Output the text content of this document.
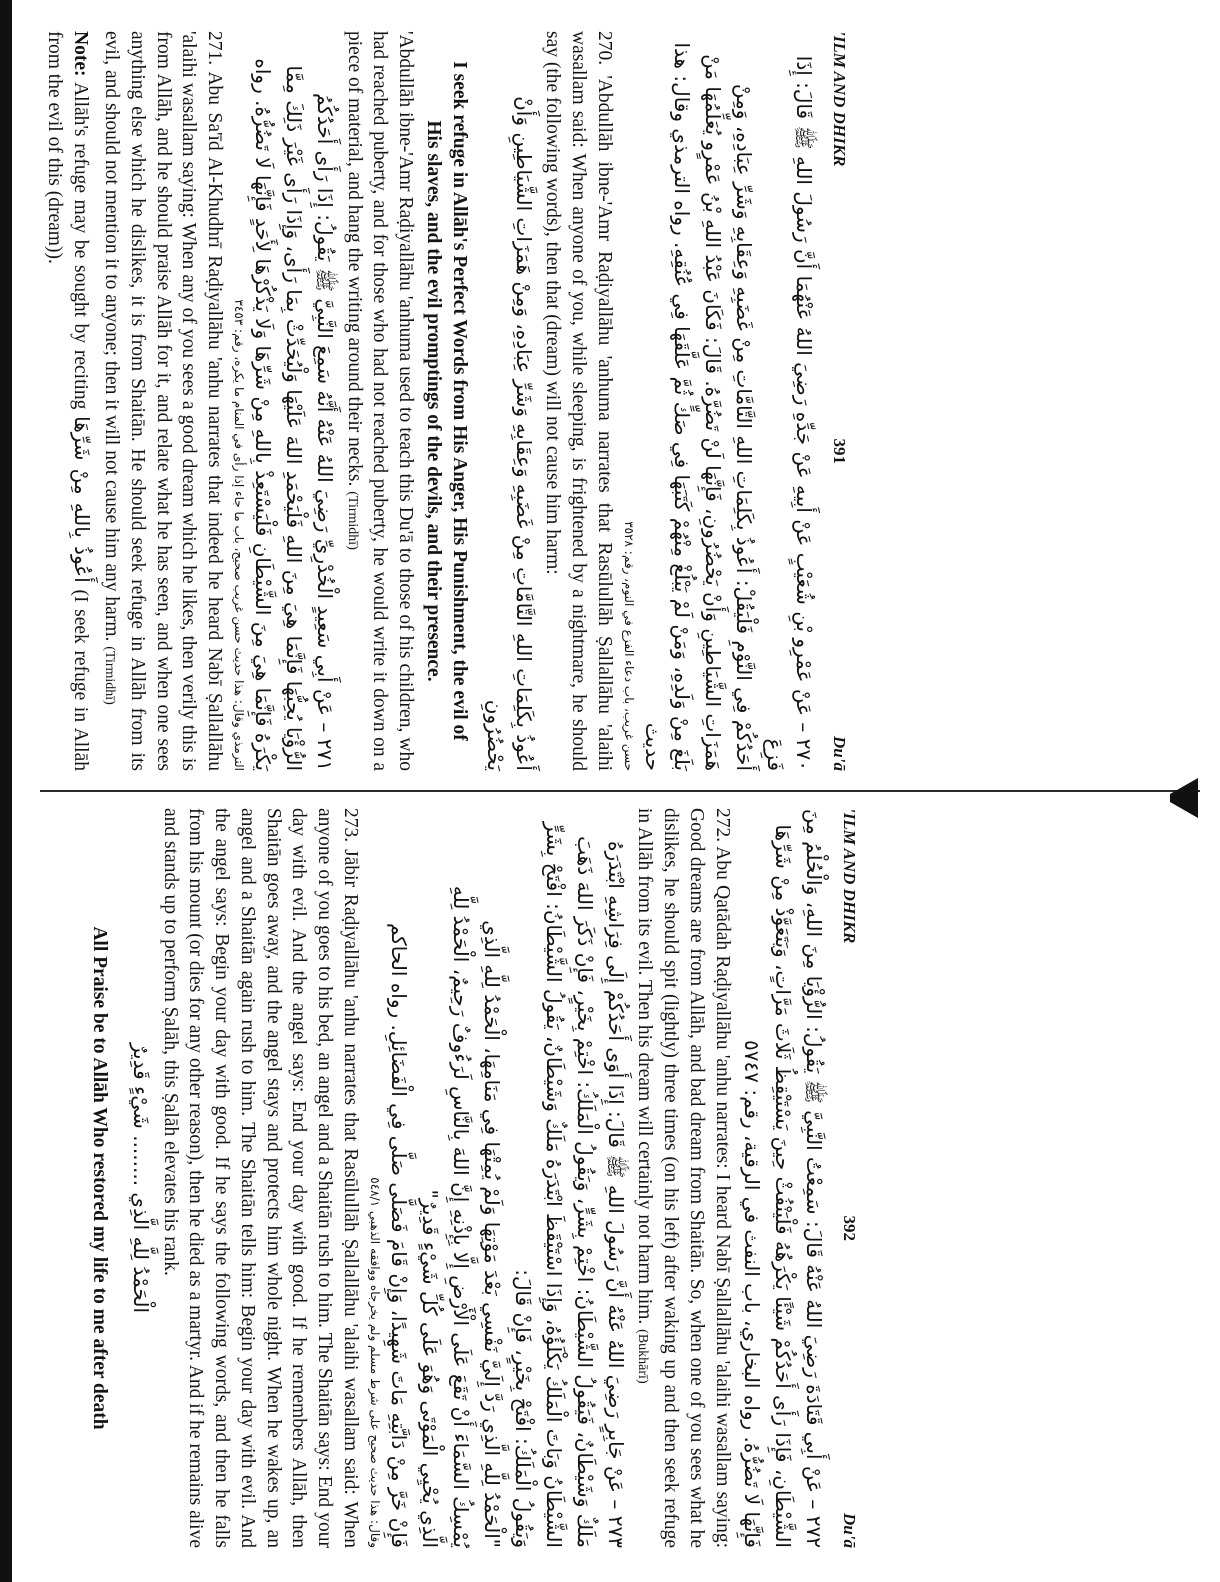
'ILM AND DHIKR
391
Du'ā

٢٧٠ – عَنْ عَمْرِو بْنِ شُعَيْبٍ عَنْ أَبِيهِ عَنْ جَدِّهِ رَضِيَ اللهُ عَنْهُمَا أَنَّ رَسُولَ اللهِ ﷺ قَالَ: إِذَا فَزِعَ

أَحَدُكُمْ فِي النَّوْمِ فَلْيَقُلْ: أَعُوذُ بِكَلِمَاتِ اللهِ التَّامَّاتِ مِنْ غَضَبِهِ وَعِقَابِهِ وَشَرِّ عِبَادِهِ، وَمِنْ

هَمَزَاتِ الشَّيَاطِينِ وَأَنْ يَحْضُرُونِ، فَإِنَّهَا لَنْ تَضُرَّهُ. قَالَ: فَكَانَ عَبْدُ اللهِ بْنُ عَمْرٍو يُعَلِّمُهَا مَنْ

بَلَغَ مِنْ وَلَدِهِ، وَمَنْ لَمْ يَبْلُغْ مِنْهُمْ كَتَبَهَا فِي صَكٍّ ثُمَّ عَلَّقَهَا فِي عُنُقِهِ. رواه الترمذي وقال: هذا حديث

حسن غريب، باب دعاء الفزع في النوم، رقم: ٣٥٢٨

270. 'Abdullāh ibne-'Amr Raḍiyallāhu 'anhuma narrates that Rasūlullāh Ṣallallāhu 'alaihi wasallam said: When anyone of you, while sleeping, is frightened by a nightmare, he should say (the following words), then that (dream) will not cause him harm:

أَعُوذُ بِكَلِمَاتِ اللهِ التَّامَّاتِ مِنْ غَضَبِهِ وَعِقَابِهِ وَشَرِّ عِبَادِهِ، وَمِنْ هَمَزَاتِ الشَّيَاطِينِ وَأَنْ يَحْضُرُونِ

I seek refuge in Allāh's Perfect Words from His Anger, His Punishment, the evil of His slaves, and the evil promptings of the devils, and their presence.

'Abdullāh ibne-'Amr Raḍiyallāhu 'anhuma used to teach this Du'ā to those of his children, who had reached puberty, and for those who had not reached puberty, he would write it down on a piece of material, and hang the writing around their necks. (Tirmidhī)

٢٧١ – عَنْ أَبِي سَعِيدٍ الْخُدْرِيِّ رَضِيَ اللهُ عَنْهُ أَنَّهُ سَمِعَ النَّبِيَّ ﷺ يَقُولُ: إِذَا رَأَى أَحَدُكُمُ

الرُّؤْيَا يُحِبُّهَا فَإِنَّمَا هِيَ مِنَ اللهِ فَلْيَحْمَدِ اللهَ عَلَيْهَا وَلْيُحَدِّثْ بِمَا رَأَى، وَإِذَا رَأَى غَيْرَ ذَلِكَ مِمَّا

يَكْرَهُ فَإِنَّمَا هِيَ مِنَ الشَّيْطَانِ فَلْيَسْتَعِذْ بِاللهِ مِنْ شَرِّهَا وَلَا يَذْكُرْهَا لِأَحَدٍ فَإِنَّهَا لَا تَضُرُّهُ. رواه

الترمذي وقال: هذا حديث حسن غريب صحيح، باب ما جاء إذا رأى في المنام ما يكره، رقم: ٣٤٥٣

271. Abu Sa'īd Al-Khudhrī Raḍiyallāhu 'anhu narrates that indeed he heard Nabī Ṣallallāhu 'alaihi wasallam saying: When any of you sees a good dream which he likes, then verily this is from Allāh, and he should praise Allāh for it, and relate what he has seen, and when one sees anything else which he dislikes, it is from Shaitān. He should seek refuge in Allāh from its evil, and should not mention it to anyone; then it will not cause him any harm. (Tirmidhī)

Note: Allāh's refuge may be sought by reciting أَعُوذُ بِاللهِ مِنْ شَرِّهَا (I seek refuge in Allāh from the evil of this (dream)).

'ILM AND DHIKR
392
Du'ā

٢٧٢ – عَنْ أَبِي قَتَادَةَ رَضِيَ اللهُ عَنْهُ قَالَ: سَمِعْتُ النَّبِيَّ ﷺ يَقُولُ: الرُّؤْيَا مِنَ اللهِ، وَالْحُلْمُ مِنَ

الشَّيْطَانِ، فَإِذَا رَأَى أَحَدُكُمْ شَيْئًا يَكْرَهُهُ فَلْيَنْفُثْ حِينَ يَسْتَيْقِظُ ثَلَاثَ مَرَّاتٍ، وَيَتَعَوَّذْ مِنْ شَرِّهَا

فَإِنَّهَا لَا تَضُرُّهُ. رواه البخاري، باب النفث في الرقية، رقم: ٥٧٤٧

272. Abu Qatādah Raḍiyallāhu 'anhu narrates: I heard Nabī Ṣallallāhu 'alaihi wasallam saying: Good dreams are from Allāh, and bad dream from Shaitān. So, when one of you sees what he dislikes, he should spit (lightly) three times (on his left) after waking up and then seek refuge in Allāh from its evil. Then his dream will certainly not harm him. (Bukhārī)

٢٧٣ – عَنْ جَابِرٍ رَضِيَ اللهُ عَنْهُ أَنَّ رَسُولَ اللهِ ﷺ قَالَ: إِذَا أَوَى أَحَدُكُمْ إِلَى فِرَاشِهِ ابْتَدَرَهُ

مَلَكٌ وَشَيْطَانٌ، فَيَقُولُ الشَّيْطَانُ: اخْتِمْ بِشَرٍّ، وَيَقُولُ الْمَلَكُ: اخْتِمْ بِخَيْرٍ، فَإِنْ ذَكَرَ اللهَ ذَهَبَ

الشَّيْطَانُ وَبَاتَ الْمَلَكُ يَكْلَؤُهُ، وَإِذَا اسْتَيْقَظَ ابْتَدَرَهُ مَلَكٌ وَشَيْطَانٌ، يَقُولُ الشَّيْطَانُ: افْتَحْ بِشَرٍّ

وَيَقُولُ الْمَلَكُ: افْتَحْ بِخَيْرٍ، فَإِنْ قَالَ:

"الْحَمْدُ لِلَّهِ الَّذِي رَدَّ إِلَيَّ نَفْسِي بَعْدَ مَوْتِهَا وَلَمْ يُمِتْهَا فِي مَنَامِهَا، الْحَمْدُ لِلَّهِ الَّذِي

يُمْسِكُ السَّمَاءَ أَنْ تَقَعَ عَلَى الْأَرْضِ إِلَّا بِإِذْنِهِ إِنَّ اللهَ بِالنَّاسِ لَرَءُوفٌ رَحِيمٌ، الْحَمْدُ لِلَّهِ

الَّذِي يُحْيِي الْمَوْتَى وَهُوَ عَلَى كُلِّ شَيْءٍ قَدِيرٌ"

فَإِنْ خَرَّ مِنْ دَابَّتِهِ مَاتَ شَهِيدًا، وَإِنْ قَامَ فَصَلَّى صَلَّى فِي الْفَضَائِلِ. رواه الحاكم

وقال: هذا حديث صحيح على شرط مسلم ولم يخرجاه ووافقه الذهبي ٥٤٨/١

273. Jābir Raḍiyallāhu 'anhu narrates that Rasūlullāh Ṣallallāhu 'alaihi wasallam said: When anyone of you goes to his bed, an angel and a Shaitān rush to him. The Shaitān says: End your day with evil. And the angel says: End your day with good. If he remembers Allāh, then Shaitān goes away, and the angel stays and protects him whole night. When he wakes up, an angel and a Shaitān again rush to him. The Shaitān tells him: Begin your day with evil. And the angel says: Begin your day with good. If he says the following words, and then he falls from his mount (or dies for any other reason), then he died as a martyr. And if he remains alive and stands up to perform Ṣalāh, this Ṣalāh elevates his rank.

الْحَمْدُ لِلَّهِ الَّذِي ........ شَيْءٍ قَدِيرٌ

All Praise be to Allāh Who restored my life to me after death
